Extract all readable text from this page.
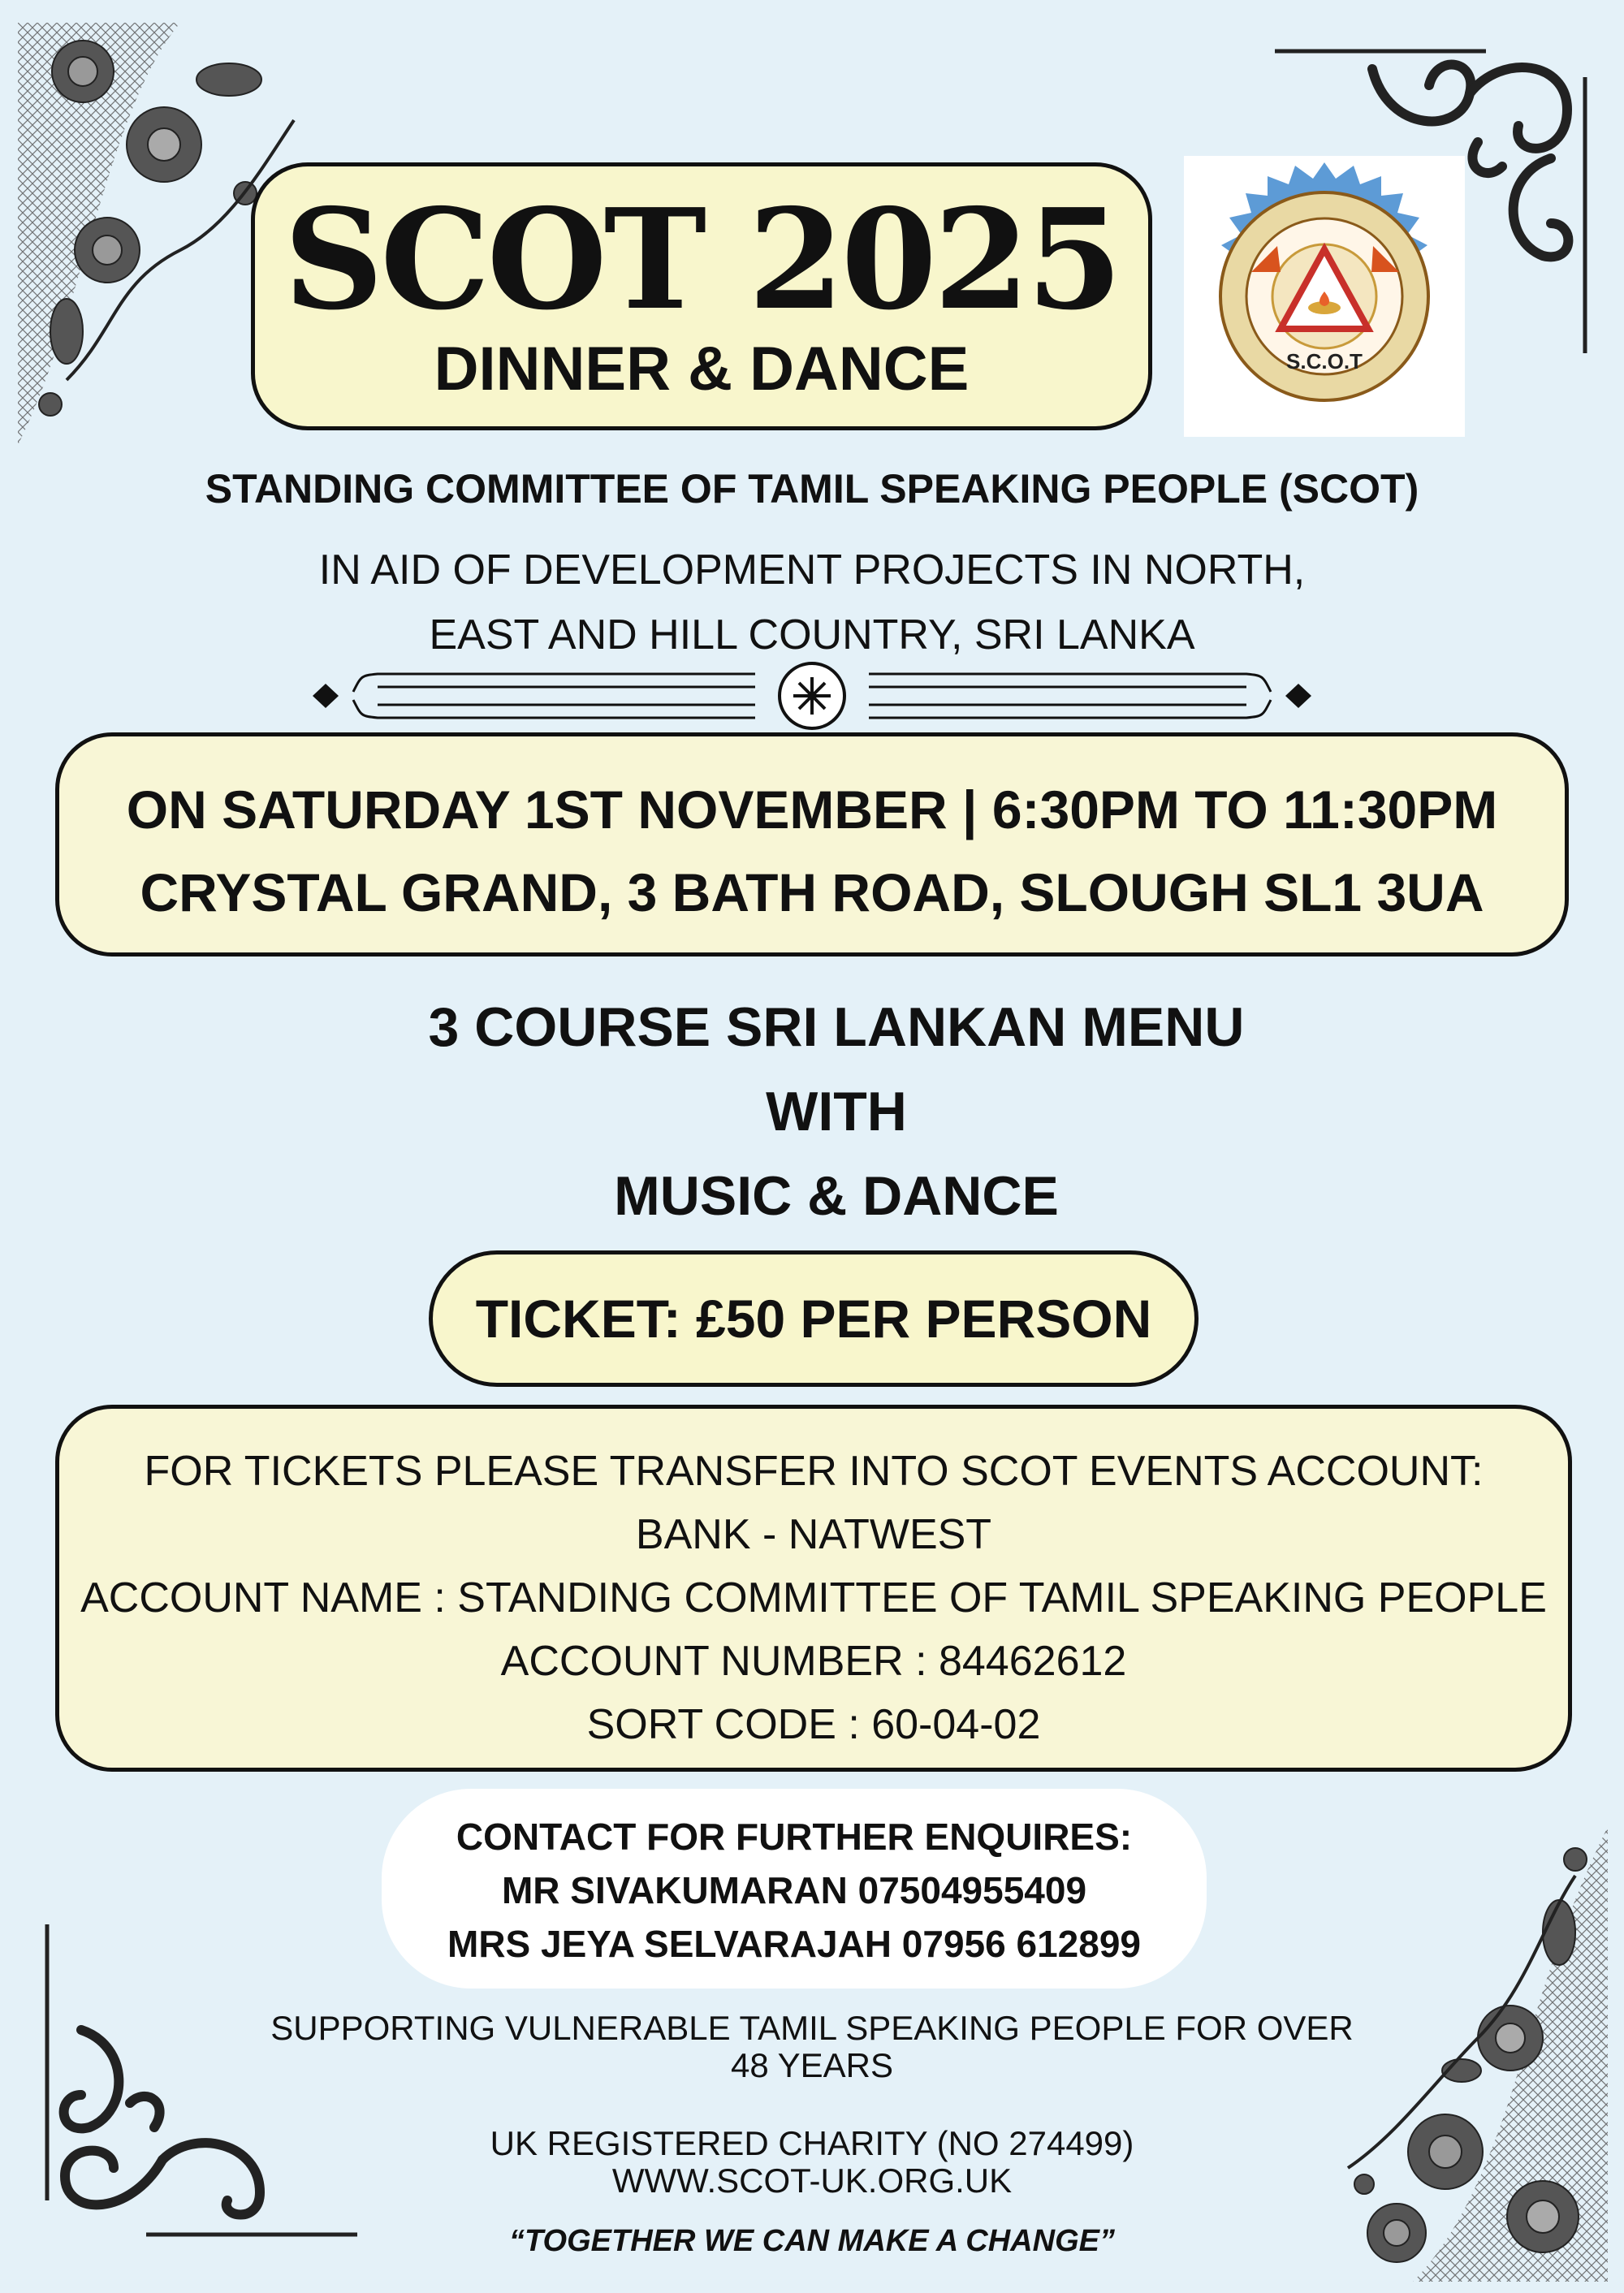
SCOT 2025
DINNER & DANCE	S.C.O.T
STANDING COMMITTEE OF TAMIL SPEAKING PEOPLE (SCOT)
IN AID OF DEVELOPMENT PROJECTS IN NORTH,
EAST AND HILL COUNTRY, SRI LANKA
ON SATURDAY 1ST NOVEMBER | 6:30PM TO 11:30PM
CRYSTAL GRAND, 3 BATH ROAD, SLOUGH SL1 3UA
3 COURSE SRI LANKAN MENU
WITH
MUSIC & DANCE
TICKET: £50 PER PERSON
FOR TICKETS PLEASE TRANSFER INTO SCOT EVENTS ACCOUNT:
BANK - NATWEST
ACCOUNT NAME : STANDING COMMITTEE OF TAMIL SPEAKING PEOPLE
ACCOUNT NUMBER : 84462612
SORT CODE : 60-04-02
CONTACT FOR FURTHER ENQUIRES:
MR SIVAKUMARAN 07504955409
MRS JEYA SELVARAJAH 07956 612899
SUPPORTING VULNERABLE TAMIL SPEAKING PEOPLE FOR OVER
48 YEARS
UK REGISTERED CHARITY (NO 274499)
WWW.SCOT-UK.ORG.UK
“TOGETHER WE CAN MAKE A CHANGE”
